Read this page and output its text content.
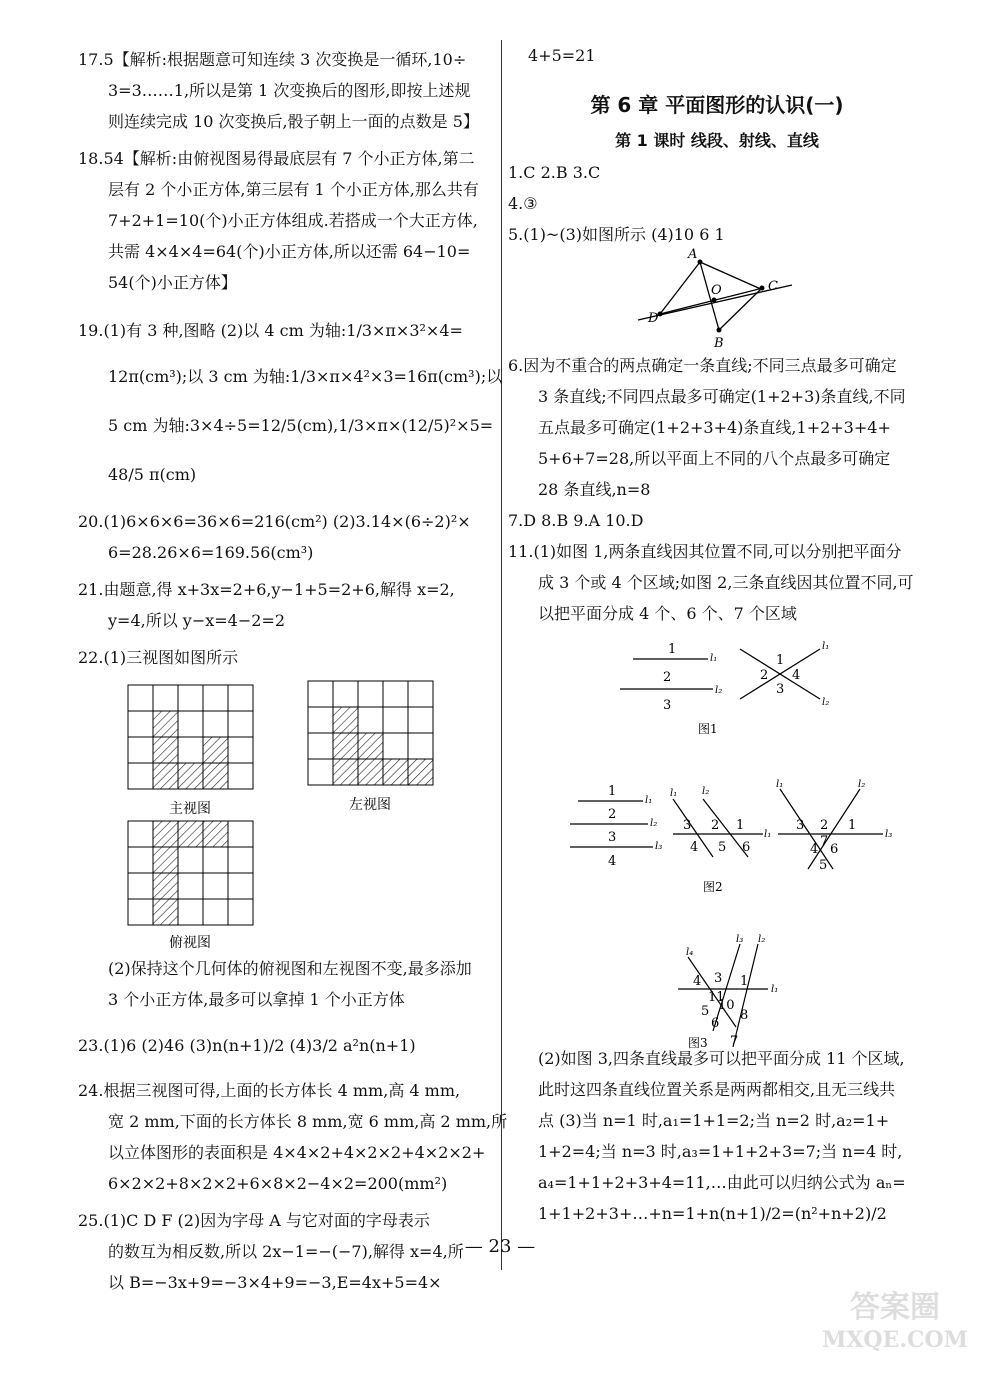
17.5【解析:根据题意可知连续 3 次变换是一循环,10÷
3=3……1,所以是第 1 次变换后的图形,即按上述规
则连续完成 10 次变换后,骰子朝上一面的点数是 5】
18.54【解析:由俯视图易得最底层有 7 个小正方体,第二
层有 2 个小正方体,第三层有 1 个小正方体,那么共有
7+2+1=10(个)小正方体组成.若搭成一个大正方体,
共需 4×4×4=64(个)小正方体,所以还需 64−10=
54(个)小正方体】
19.(1)有 3 种,图略 (2)以 4 cm 为轴:1/3×π×3²×4=
12π(cm³);以 3 cm 为轴:1/3×π×4²×3=16π(cm³);以
5 cm 为轴:3×4÷5=12/5(cm),1/3×π×(12/5)²×5=
48/5 π(cm)
20.(1)6×6×6=36×6=216(cm²) (2)3.14×(6÷2)²×
6=28.26×6=169.56(cm³)
21.由题意,得 x+3x=2+6,y−1+5=2+6,解得 x=2,
y=4,所以 y−x=4−2=2
22.(1)三视图如图所示
主视图	左视图
俯视图
(2)保持这个几何体的俯视图和左视图不变,最多添加
3 个小正方体,最多可以拿掉 1 个小正方体
23.(1)6 (2)46 (3)n(n+1)/2 (4)3/2 a²n(n+1)
24.根据三视图可得,上面的长方体长 4 mm,高 4 mm,
宽 2 mm,下面的长方体长 8 mm,宽 6 mm,高 2 mm,所
以立体图形的表面积是 4×4×2+4×2×2+4×2×2+
6×2×2+8×2×2+6×8×2−4×2=200(mm²)
25.(1)C D F (2)因为字母 A 与它对面的字母表示
的数互为相反数,所以 2x−1=−(−7),解得 x=4,所
以 B=−3x+9=−3×4+9=−3,E=4x+5=4×
4+5=21
第 6 章 平面图形的认识(一)
第 1 课时 线段、射线、直线
1.C 2.B 3.C
4.③
5.(1)~(3)如图所示 (4)10 6 1
A
C
O
D
B
6.因为不重合的两点确定一条直线;不同三点最多可确定
3 条直线;不同四点最多可确定(1+2+3)条直线,不同
五点最多可确定(1+2+3+4)条直线,1+2+3+4+
5+6+7=28,所以平面上不同的八个点最多可确定
28 条直线,n=8
7.D 8.B 9.A 10.D
11.(1)如图 1,两条直线因其位置不同,可以分别把平面分
成 3 个或 4 个区域;如图 2,三条直线因其位置不同,可
以把平面分成 4 个、6 个、7 个区域
1
2
3
l₁
l₂
1
2 4
3
l₁
l₂
图1
1
2
3
4
l₁
l₂
l₃
3 2 1
4 5 6
l₁ l₂
l₁
3 2 1
4
7
6
5
l₁	l₂
l₃
图2
l₄
l₃ l₂
l₁
4 3 1
11
5 10
6
8
7
图3
(2)如图 3,四条直线最多可以把平面分成 11 个区域,
此时这四条直线位置关系是两两都相交,且无三线共
点 (3)当 n=1 时,a₁=1+1=2;当 n=2 时,a₂=1+
1+2=4;当 n=3 时,a₃=1+1+2+3=7;当 n=4 时,
a₄=1+1+2+3+4=11,…由此可以归纳公式为 aₙ=
1+1+2+3+…+n=1+n(n+1)/2=(n²+n+2)/2
— 23 —
答案圈
MXQE.COM
